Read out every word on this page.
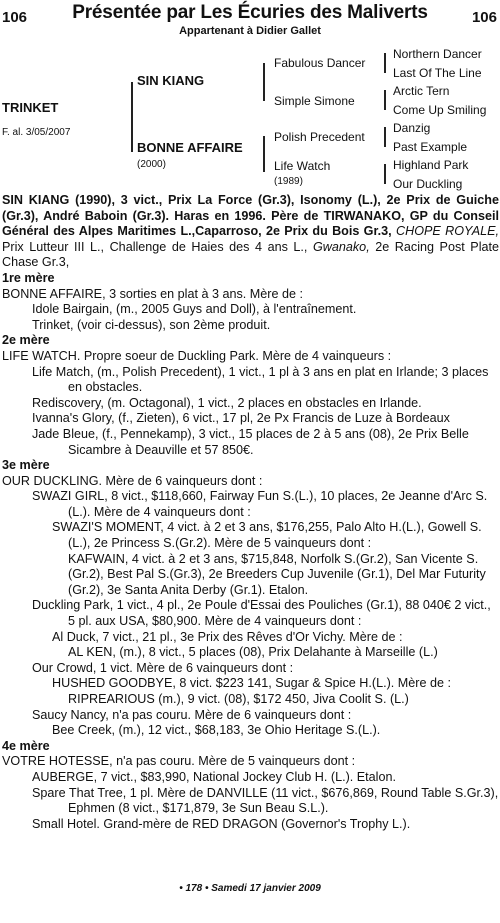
106	Présentée par Les Écuries des Maliverts	106
Appartenant à Didier Gallet
TRINKET
F. al. 3/05/2007
SIN KIANG
BONNE AFFAIRE
(2000)
Fabulous Dancer
Simple Simone
Polish Precedent
Life Watch
(1989)
Northern Dancer
Last Of The Line
Arctic Tern
Come Up Smiling
Danzig
Past Example
Highland Park
Our Duckling

SIN KIANG (1990), 3 vict., Prix La Force (Gr.3), Isonomy (L.), 2e Prix de Guiche (Gr.3), André Baboin (Gr.3). Haras en 1996. Père de TIRWANAKO, GP du Conseil Général des Alpes Maritimes L.,Caparroso, 2e Prix du Bois Gr.3, CHOPE ROYALE, Prix Lutteur III L., Challenge de Haies des 4 ans L., Gwanako, 2e Racing Post Plate Chase Gr.3,

1re mère

BONNE AFFAIRE, 3 sorties en plat à 3 ans. Mère de :

Idole Bairgain, (m., 2005 Guys and Doll), à l'entraînement.

Trinket, (voir ci-dessus), son 2ème produit.

2e mère

LIFE WATCH. Propre soeur de Duckling Park. Mère de 4 vainqueurs :

Life Match, (m., Polish Precedent), 1 vict., 1 pl à 3 ans en plat en Irlande; 3 places en obstacles.

Rediscovery, (m. Octagonal), 1 vict., 2 places en obstacles en Irlande.

Ivanna's Glory, (f., Zieten), 6 vict., 17 pl, 2e Px Francis de Luze à Bordeaux

Jade Bleue, (f., Pennekamp), 3 vict., 15 places de 2 à 5 ans (08), 2e Prix Belle Sicambre à Deauville et 57 850€.

3e mère

OUR DUCKLING. Mère de 6 vainqueurs dont :

SWAZI GIRL, 8 vict., $118,660, Fairway Fun S.(L.), 10 places, 2e Jeanne d'Arc S. (L.). Mère de 4 vainqueurs dont :

SWAZI'S MOMENT, 4 vict. à 2 et 3 ans, $176,255, Palo Alto H.(L.), Gowell S.(L.), 2e Princess S.(Gr.2). Mère de 5 vainqueurs dont :

KAFWAIN, 4 vict. à 2 et 3 ans, $715,848, Norfolk S.(Gr.2), San Vicente S.(Gr.2), Best Pal S.(Gr.3), 2e Breeders Cup Juvenile (Gr.1), Del Mar Futurity (Gr.2), 3e Santa Anita Derby (Gr.1). Etalon.

Duckling Park, 1 vict., 4 pl., 2e Poule d'Essai des Pouliches (Gr.1), 88 040€ 2 vict., 5 pl. aux USA, $80,900. Mère de 4 vainqueurs dont :

Al Duck, 7 vict., 21 pl., 3e Prix des Rêves d'Or Vichy. Mère de :

AL KEN, (m.), 8 vict., 5 places (08), Prix Delahante à Marseille (L.)

Our Crowd, 1 vict. Mère de 6 vainqueurs dont :

HUSHED GOODBYE, 8 vict. $223 141, Sugar & Spice H.(L.). Mère de :

RIPREARIOUS (m.), 9 vict. (08), $172 450, Jiva Coolit S. (L.)

Saucy Nancy, n'a pas couru. Mère de 6 vainqueurs dont :

Bee Creek, (m.), 12 vict., $68,183, 3e Ohio Heritage S.(L.).

4e mère

VOTRE HOTESSE, n'a pas couru. Mère de 5 vainqueurs dont :

AUBERGE, 7 vict., $83,990, National Jockey Club H. (L.). Etalon.

Spare That Tree, 1 pl. Mère de DANVILLE (11 vict., $676,869, Round Table S.Gr.3), Ephmen (8 vict., $171,879, 3e Sun Beau S.L.).

Small Hotel. Grand-mère de RED DRAGON (Governor's Trophy L.).

• 178 • Samedi 17 janvier 2009
